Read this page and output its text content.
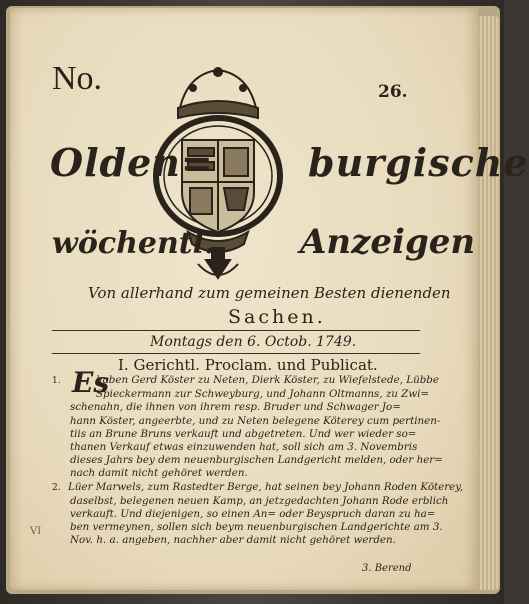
No.	26.
Olden= burgische
wöchentl.	Anzeigen
Von allerhand zum gemeinen Besten dienenden
Sachen.
Montags den 6. Octob. 1749.
I. Gerichtl. Proclam. und Publicat.
Es
1.	haben Gerd Köster zu Neten, Dierk Köster, zu Wiefelstede, Lübbe
Spieckermann zur Schweyburg, und Johann Oltmanns, zu Zwi=
schenahn, die ihnen von ihrem resp. Bruder und Schwager Jo=
hann Köster, angeerbte, und zu Neten belegene Köterey cum pertinen-
tiis an Brune Bruns verkauft und abgetreten. Und wer wieder so=
thanen Verkauf etwas einzuwenden hat, soll sich am 3. Novembris
dieses Jahrs bey dem neuenburgischen Landgericht melden, oder her=
nach damit nicht gehöret werden.
2. Lüer Marwels, zum Rastedter Berge, hat seinen bey Johann Roden Köterey,
daselbst, belegenen neuen Kamp, an jetzgedachten Johann Rode erblich
verkauft. Und diejenigen, so einen An= oder Beyspruch daran zu ha=
ben vermeynen, sollen sich beym neuenburgischen Landgerichte am 3.
Nov. h. a. angeben, nachher aber damit nicht gehöret werden.
VI
3. Berend
